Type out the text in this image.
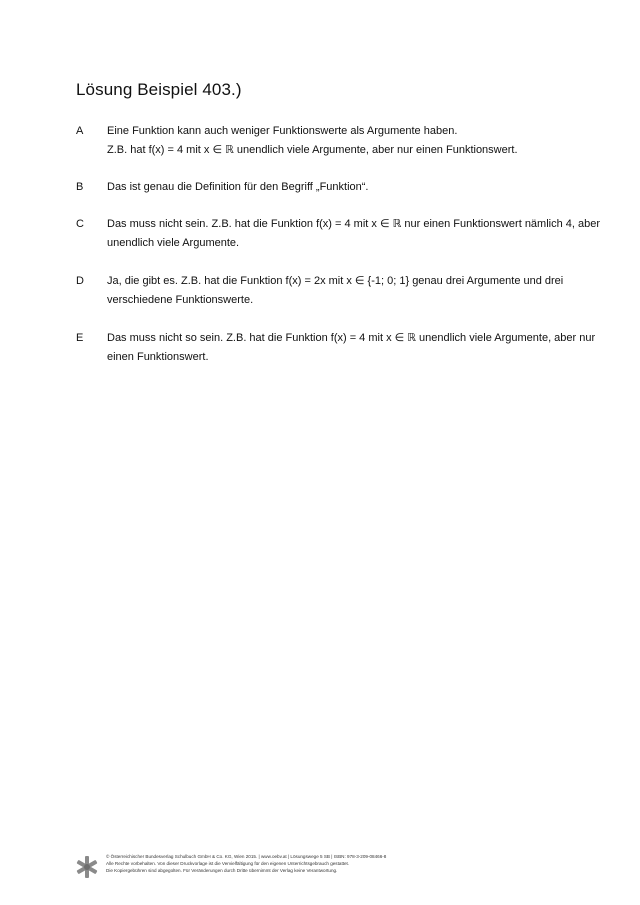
Lösung Beispiel 403.)
A Eine Funktion kann auch weniger Funktionswerte als Argumente haben.
Z.B. hat f(x) = 4 mit x ∈ ℝ unendlich viele Argumente, aber nur einen Funktionswert.
B Das ist genau die Definition für den Begriff „Funktion“.
C Das muss nicht sein. Z.B. hat die Funktion f(x) = 4 mit x ∈ ℝ nur einen Funktionswert nämlich 4, aber
unendlich viele Argumente.
D Ja, die gibt es. Z.B. hat die Funktion f(x) = 2x mit x ∈ {-1; 0; 1} genau drei Argumente und drei
verschiedene Funktionswerte.
E Das muss nicht so sein. Z.B. hat die Funktion f(x) = 4 mit x ∈ ℝ unendlich viele Argumente, aber nur
einen Funktionswert.
© Österreichischer Bundesverlag Schulbuch GmbH & Co. KG, Wien 2015. | www.oebv.at | Lösungswege 5 SB | ISBN: 978-3-209-08466-8
Alle Rechte vorbehalten. Von dieser Druckvorlage ist die Vervielfältigung für den eigenen Unterrichtsgebrauch gestattet.
Die Kopiergebühren sind abgegolten. Für Veränderungen durch Dritte übernimmt der Verlag keine Verantwortung.
